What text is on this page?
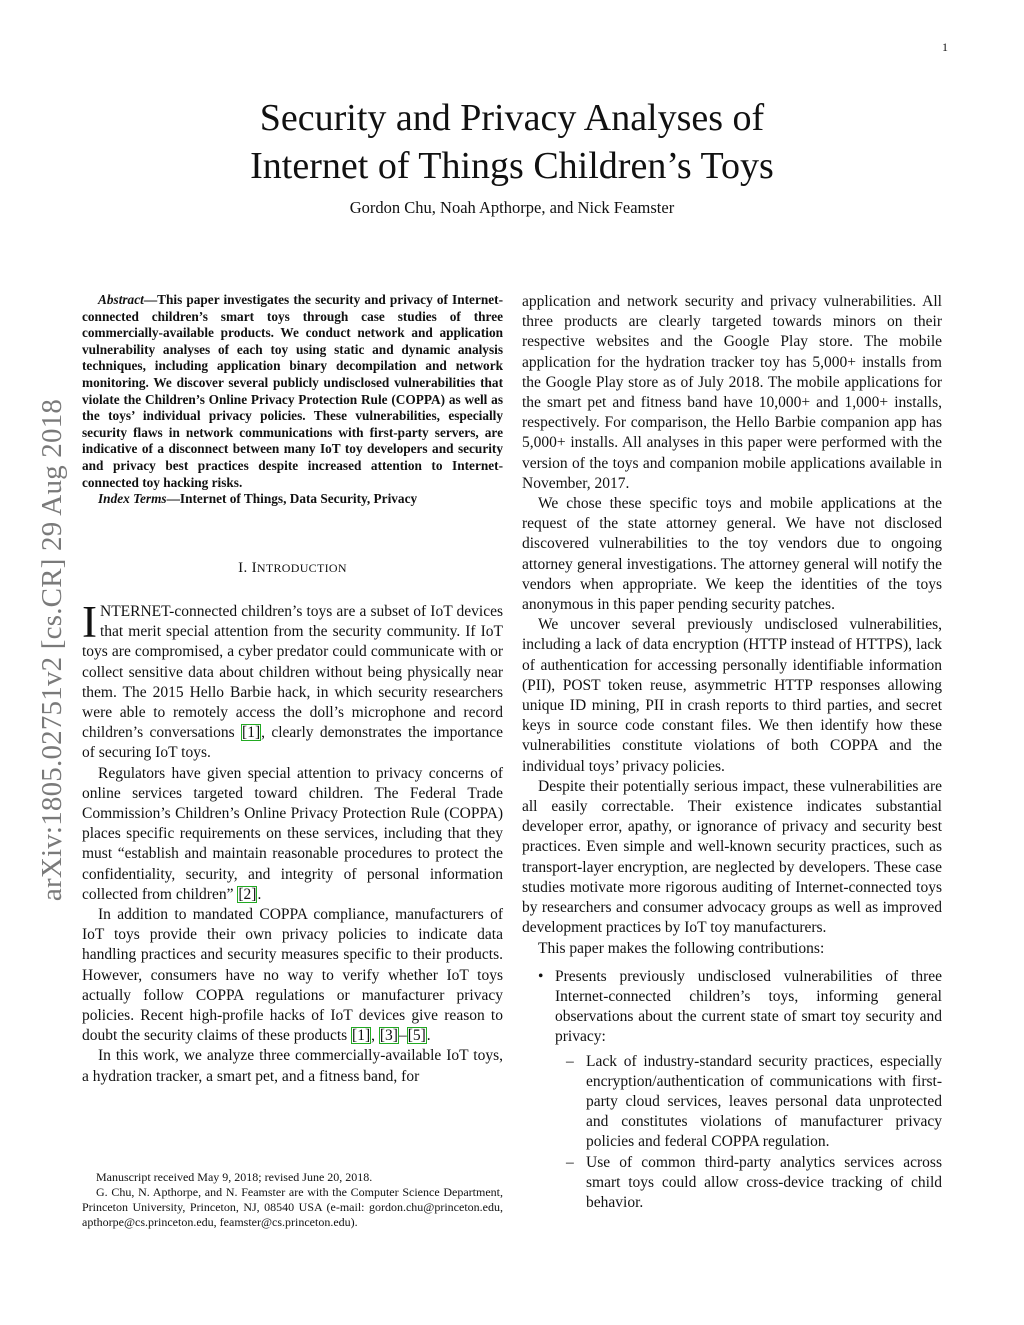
1
arXiv:1805.02751v2 [cs.CR] 29 Aug 2018
Security and Privacy Analyses of
Internet of Things Children’s Toys
Gordon Chu, Noah Apthorpe, and Nick Feamster

Abstract—This paper investigates the security and privacy of Internet-connected children’s smart toys through case studies of three commercially-available products. We conduct network and application vulnerability analyses of each toy using static and dynamic analysis techniques, including application binary decompilation and network monitoring. We discover several publicly undisclosed vulnerabilities that violate the Children’s Online Privacy Protection Rule (COPPA) as well as the toys’ individual privacy policies. These vulnerabilities, especially security flaws in network communications with first-party servers, are indicative of a disconnect between many IoT toy developers and security and privacy best practices despite increased attention to Internet-connected toy hacking risks.

Index Terms—Internet of Things, Data Security, Privacy

I. INTRODUCTION

INTERNET-connected children’s toys are a subset of IoT devices that merit special attention from the security community. If IoT toys are compromised, a cyber predator could communicate with or collect sensitive data about children without being physically near them. The 2015 Hello Barbie hack, in which security researchers were able to remotely access the doll’s microphone and record children’s conversations [1], clearly demonstrates the importance of securing IoT toys.

Regulators have given special attention to privacy concerns of online services targeted toward children. The Federal Trade Commission’s Children’s Online Privacy Protection Rule (COPPA) places specific requirements on these services, including that they must “establish and maintain reasonable procedures to protect the confidentiality, security, and integrity of personal information collected from children” [2].

In addition to mandated COPPA compliance, manufacturers of IoT toys provide their own privacy policies to indicate data handling practices and security measures specific to their products. However, consumers have no way to verify whether IoT toys actually follow COPPA regulations or manufacturer privacy policies. Recent high-profile hacks of IoT devices give reason to doubt the security claims of these products [1], [3]–[5].

In this work, we analyze three commercially-available IoT toys, a hydration tracker, a smart pet, and a fitness band, for

Manuscript received May 9, 2018; revised June 20, 2018.

G. Chu, N. Apthorpe, and N. Feamster are with the Computer Science Department, Princeton University, Princeton, NJ, 08540 USA (e-mail: gordon.chu@princeton.edu, apthorpe@cs.princeton.edu, feamster@cs.princeton.edu).

application and network security and privacy vulnerabilities. All three products are clearly targeted towards minors on their respective websites and the Google Play store. The mobile application for the hydration tracker toy has 5,000+ installs from the Google Play store as of July 2018. The mobile applications for the smart pet and fitness band have 10,000+ and 1,000+ installs, respectively. For comparison, the Hello Barbie companion app has 5,000+ installs. All analyses in this paper were performed with the version of the toys and companion mobile applications available in November, 2017.

We chose these specific toys and mobile applications at the request of the state attorney general. We have not disclosed discovered vulnerabilities to the toy vendors due to ongoing attorney general investigations. The attorney general will notify the vendors when appropriate. We keep the identities of the toys anonymous in this paper pending security patches.

We uncover several previously undisclosed vulnerabilities, including a lack of data encryption (HTTP instead of HTTPS), lack of authentication for accessing personally identifiable information (PII), POST token reuse, asymmetric HTTP responses allowing unique ID mining, PII in crash reports to third parties, and secret keys in source code constant files. We then identify how these vulnerabilities constitute violations of both COPPA and the individual toys’ privacy policies.

Despite their potentially serious impact, these vulnerabilities are all easily correctable. Their existence indicates substantial developer error, apathy, or ignorance of privacy and security best practices. Even simple and well-known security practices, such as transport-layer encryption, are neglected by developers. These case studies motivate more rigorous auditing of Internet-connected toys by researchers and consumer advocacy groups as well as improved development practices by IoT toy manufacturers.

This paper makes the following contributions:

• Presents previously undisclosed vulnerabilities of three Internet-connected children’s toys, informing general observations about the current state of smart toy security and privacy:
– Lack of industry-standard security practices, especially encryption/authentication of communications with first-party cloud services, leaves personal data unprotected and constitutes violations of manufacturer privacy policies and federal COPPA regulation.
– Use of common third-party analytics services across smart toys could allow cross-device tracking of child behavior.
